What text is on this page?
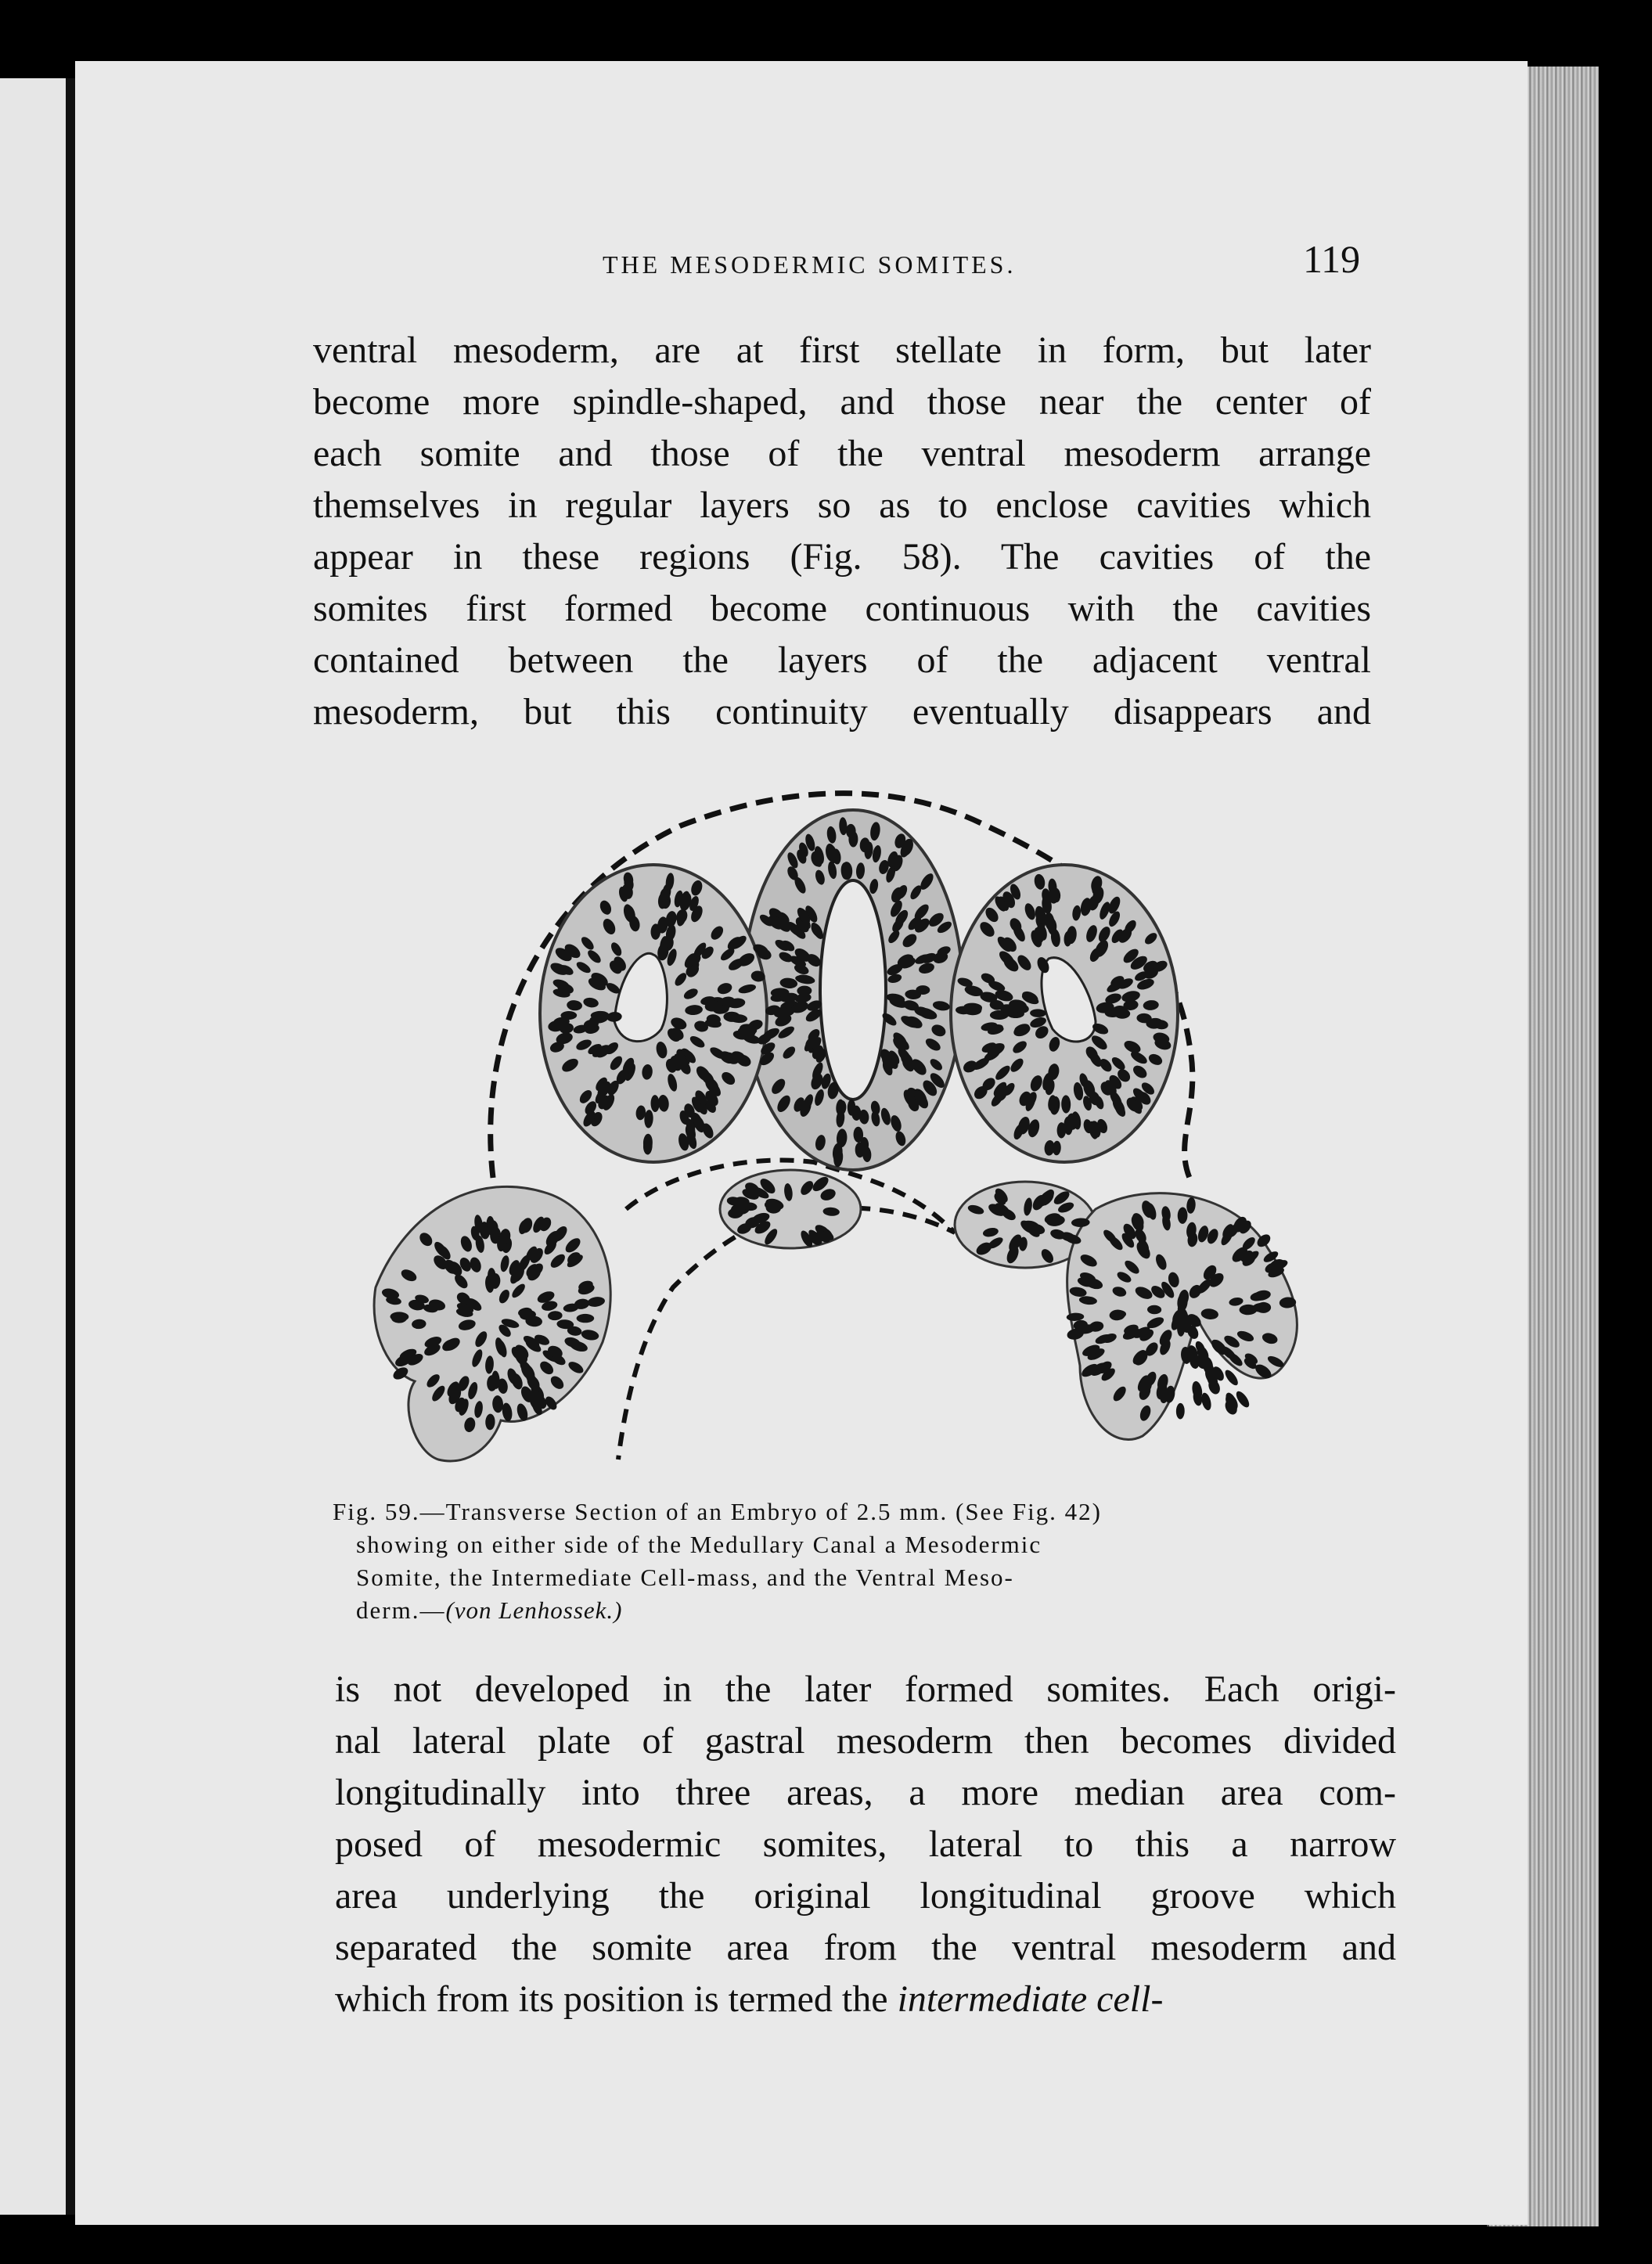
THE MESODERMIC SOMITES.	119
ventral mesoderm, are at first stellate in form, but later
become more spindle-shaped, and those near the center of
each somite and those of the ventral mesoderm arrange
themselves in regular layers so as to enclose cavities which
appear in these regions (Fig. 58). The cavities of the
somites first formed become continuous with the cavities
contained between the layers of the adjacent ventral
mesoderm, but this continuity eventually disappears and
Fig. 59.—Transverse Section of an Embryo of 2.5 mm. (See Fig. 42)
showing on either side of the Medullary Canal a Mesodermic
Somite, the Intermediate Cell-mass, and the Ventral Meso-
derm.—(von Lenhossek.)
is not developed in the later formed somites. Each origi-
nal lateral plate of gastral mesoderm then becomes divided
longitudinally into three areas, a more median area com-
posed of mesodermic somites, lateral to this a narrow
area underlying the original longitudinal groove which
separated the somite area from the ventral mesoderm and
which from its position is termed the intermediate cell-
